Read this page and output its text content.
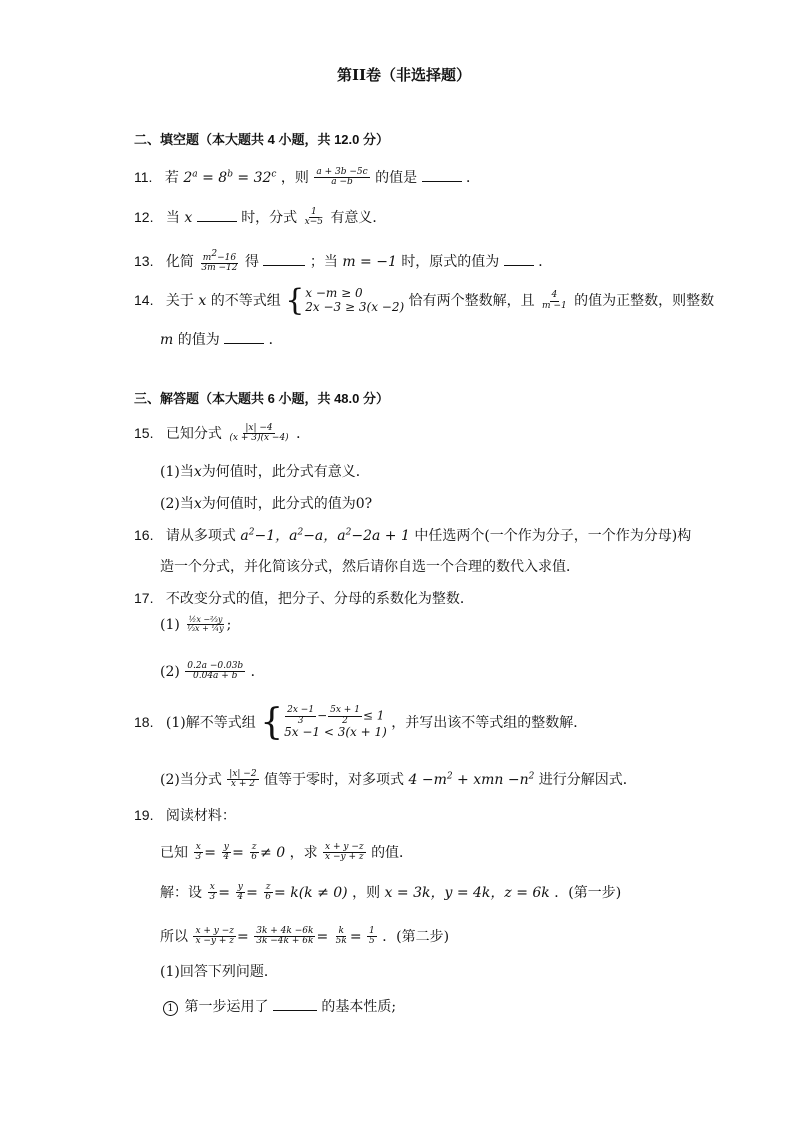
第II卷（非选择题）
二、填空题（本大题共 4 小题，共 12.0 分）
11. 若 $2^a = 8^b = 32^c$ ，则 $\frac{a + 3b -5c}{a -b}$ 的值是	．
12. 当 x	时，分式 $\frac{1}{x-5}$ 有意义．
13. 化简 $\frac{m^2-16}{3m -12}$ 得	；当 m = −1 时，原式的值为	．
14. 关于 x 的不等式组 { x −m ≥ 0
2x −3 ≥ 3(x −2) 恰有两个整数解，且 $\frac{4}{m -1}$ 的值为正整数，则整数
m 的值为	．
三、解答题（本大题共 6 小题，共 48.0 分）
15. 已知分式 $\frac{|x| -4}{(x + 3)(x -4)}$ ．
(1)当x为何值时，此分式有意义．
(2)当x为何值时，此分式的值为0?
16. 请从多项式 $a^2-1$，$a^2-a$，$a^2-2a + 1$ 中任选两个(一个作为分子，一个作为分母)构
造一个分式，并化简该分式，然后请你自选一个合理的数代入求值．
17. 不改变分式的值，把分子、分母的系数化为整数．
$(1) \frac{\text{½x −⅔y}}{\text{⅓x + ¼y}}$ ;
$(2) \frac{0.2a -0.03b}{0.04a + b}$ ．
18. (1)解不等式组 { $\frac{2x -1}{3} - \frac{5x + 1}{2} \le 1$
5x −1 < 3(x + 1)
，并写出该不等式组的整数解．
(2)当分式 $\frac{|x| -2}{x + 2}$ 值等于零时，对多项式 $4 -m^2$ + xmn $-n^2$ 进行分解因式．
19. 阅读材料：
已知 $\frac{x}{3} = \frac{y}{4} = \frac{z}{6} \ne 0$ ，求 $\frac{x + y -z}{x -y + z}$ 的值．
解：设 $\frac{x}{3} = \frac{y}{4} = \frac{z}{6} = k(k \ne 0)$ ，则 x = 3k，y = 4k，z = 6k ．(第一步)
所以 $\frac{x + y -z}{x -y + z} = \frac{3k + 4k -6k}{3k -4k + 6k} = \frac{k}{5k} = \frac{1}{5}$ ．(第二步)
(1)回答下列问题．
1 第一步运用了	的基本性质;
